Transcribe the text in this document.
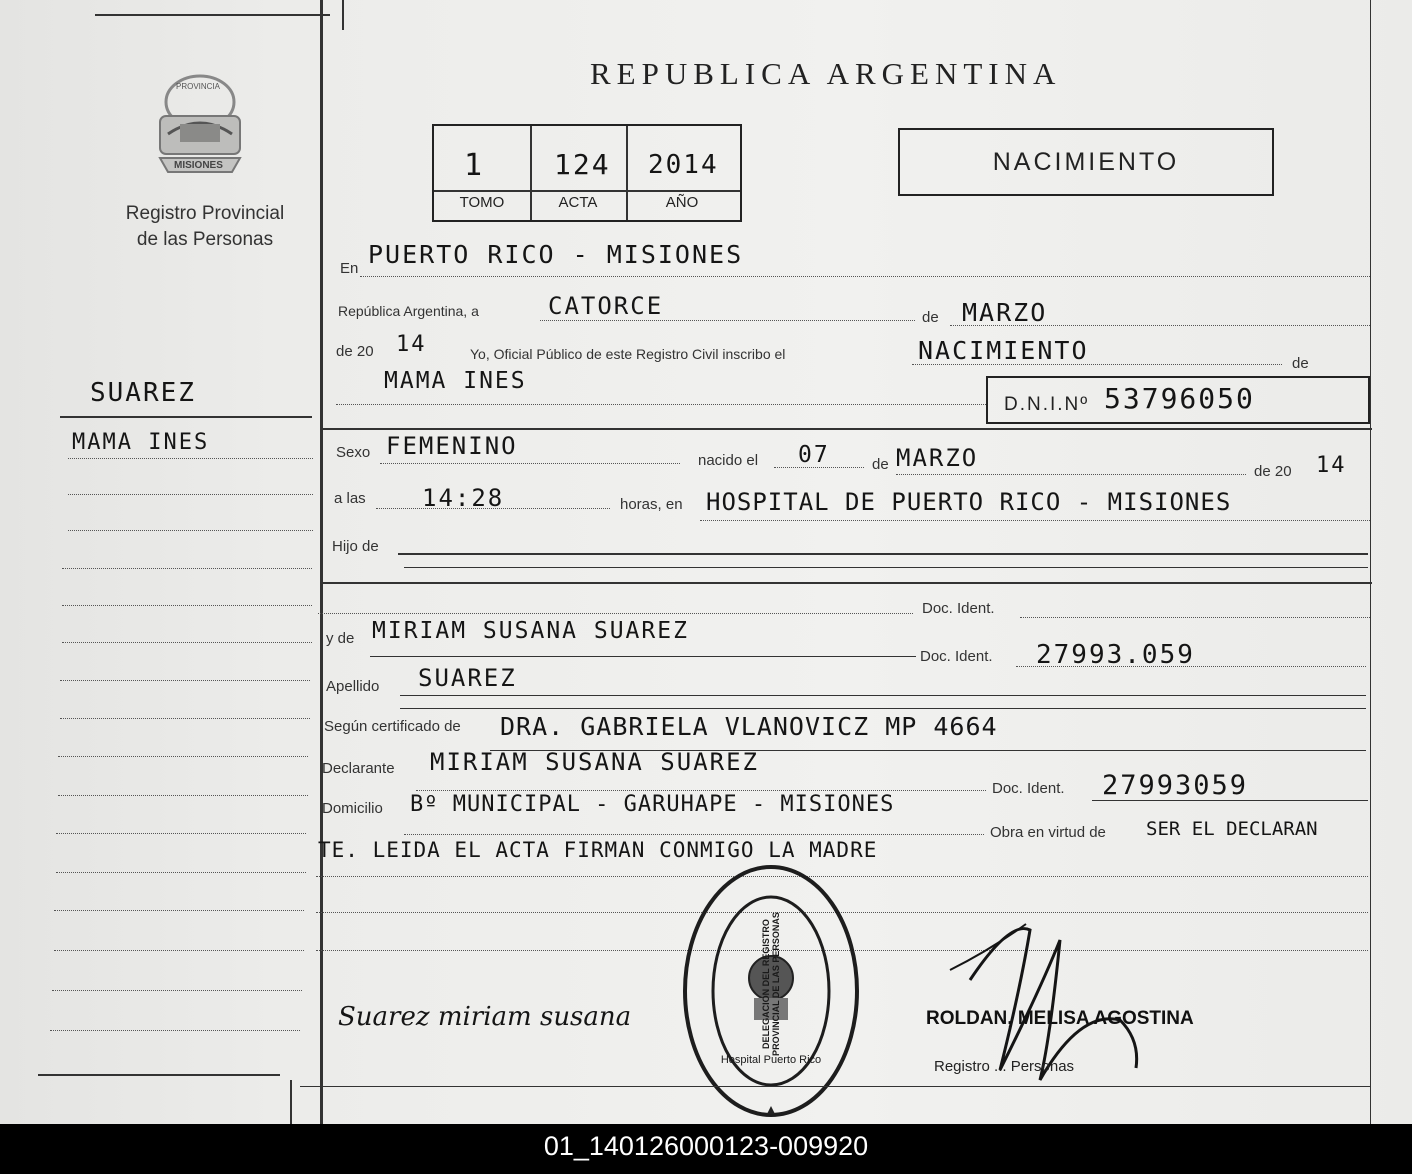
PROVINCIA
MISIONES
Registro Provincial
de las Personas
SUAREZ
MAMA INES
REPUBLICA ARGENTINA
1 124 2014
TOMO	ACTA	AÑO
NACIMIENTO
En PUERTO RICO - MISIONES
República Argentina, a	CATORCE	de MARZO
de 20 14	Yo, Oficial Público de este Registro Civil inscribo el	NACIMIENTO	de
MAMA INES
D.N.I.Nº 53796050
Sexo FEMENINO
nacido el 07	de MARZO	de 20 14
a las 14:28	horas, en HOSPITAL DE PUERTO RICO - MISIONES
Hijo de
Doc. Ident.
y de MIRIAM SUSANA SUAREZ
Doc. Ident. 27993.059
Apellido SUAREZ
Según certificado de DRA. GABRIELA VLANOVICZ MP 4664
Declarante MIRIAM SUSANA SUAREZ
Doc. Ident. 27993059
Domicilio Bº MUNICIPAL - GARUHAPE - MISIONES
Obra en virtud de SER EL DECLARAN
TE. LEIDA EL ACTA FIRMAN CONMIGO LA MADRE
DELEGACION DEL REGISTRO PROVINCIAL DE LAS PERSONAS
Hospital Puerto Rico
Suarez miriam susana	ROLDAN, MELISA AGOSTINA
Registro ... Personas
01_140126000123-009920
